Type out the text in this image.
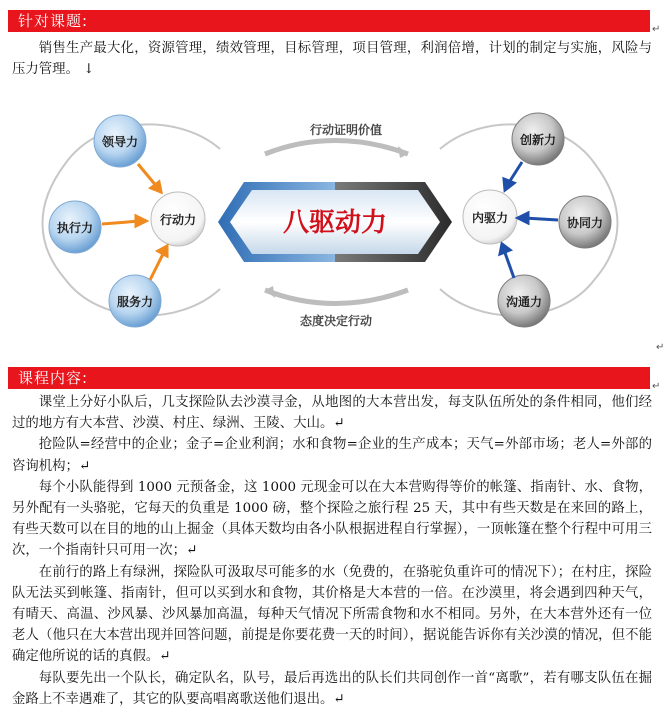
针对课题:	↵

销售生产最大化，资源管理，绩效管理，目标管理，项目管理，利润倍增，计划的制定与实施，风险与压力管理。 ↓

行动证明价值
态度决定行动
八驱动力
领导力
执行力
服务力
行动力
创新力
协同力
沟通力
内驱力
↵
课程内容:	↵

课堂上分好小队后，几支探险队去沙漠寻金，从地图的大本营出发，每支队伍所处的条件相同，他们经过的地方有大本营、沙漠、村庄、绿洲、王陵、大山。↵

抢险队=经营中的企业；金子=企业利润；水和食物=企业的生产成本；天气=外部市场；老人=外部的咨询机构；↵

每个小队能得到 1000 元预备金，这 1000 元现金可以在大本营购得等价的帐篷、指南针、水、食物，另外配有一头骆驼，它每天的负重是 1000 磅，整个探险之旅行程 25 天，其中有些天数是在来回的路上，有些天数可以在目的地的山上掘金（具体天数均由各小队根据进程自行掌握），一顶帐篷在整个行程中可用三次，一个指南针只可用一次；↵

在前行的路上有绿洲，探险队可汲取尽可能多的水（免费的，在骆驼负重许可的情况下）；在村庄，探险队无法买到帐篷、指南针，但可以买到水和食物，其价格是大本营的一倍。在沙漠里，将会遇到四种天气，有晴天、高温、沙风暴、沙风暴加高温，每种天气情况下所需食物和水不相同。另外，在大本营外还有一位老人（他只在大本营出现并回答问题，前提是你要花费一天的时间），据说能告诉你有关沙漠的情况，但不能确定他所说的话的真假。↵

每队要先出一个队长，确定队名，队号，最后再选出的队长们共同创作一首“离歌”，若有哪支队伍在掘金路上不幸遇难了，其它的队要高唱离歌送他们退出。↵
